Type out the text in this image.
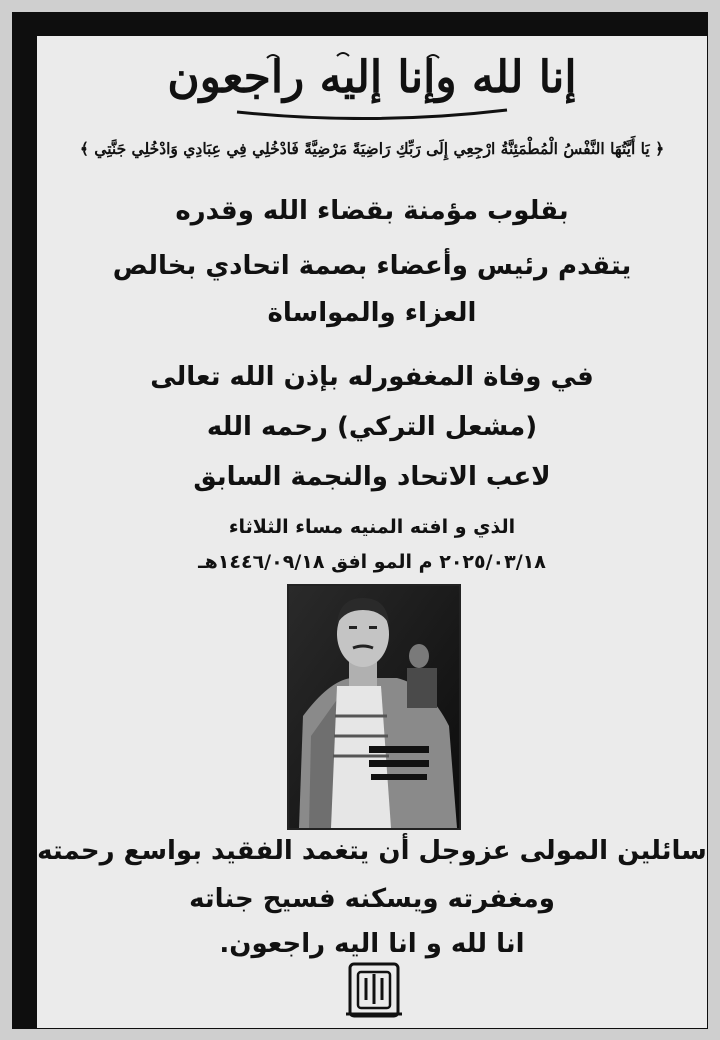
إنا لله وإنا إليه راجعون
﴿ يَا أَيَّتُهَا النَّفْسُ الْمُطْمَئِنَّةُ ارْجِعِي إِلَى رَبِّكِ رَاضِيَةً مَرْضِيَّةً فَادْخُلِي فِي عِبَادِي وَادْخُلِي جَنَّتِي ﴾
بقلوب مؤمنة بقضاء الله وقدره
يتقدم رئيس وأعضاء بصمة اتحادي بخالص
العزاء والمواساة
في وفاة المغفورله بإذن الله تعالى
(مشعل التركي) رحمه الله
لاعب الاتحاد والنجمة السابق
الذي و افته المنيه مساء الثلاثاء
٢٠٢٥/٠٣/١٨ م المو افق ١٤٤٦/٠٩/١٨هـ
سائلين المولى عزوجل أن يتغمد الفقيد بواسع رحمته
ومغفرته ويسكنه فسيح جناته
انا لله و انا اليه راجعون.
